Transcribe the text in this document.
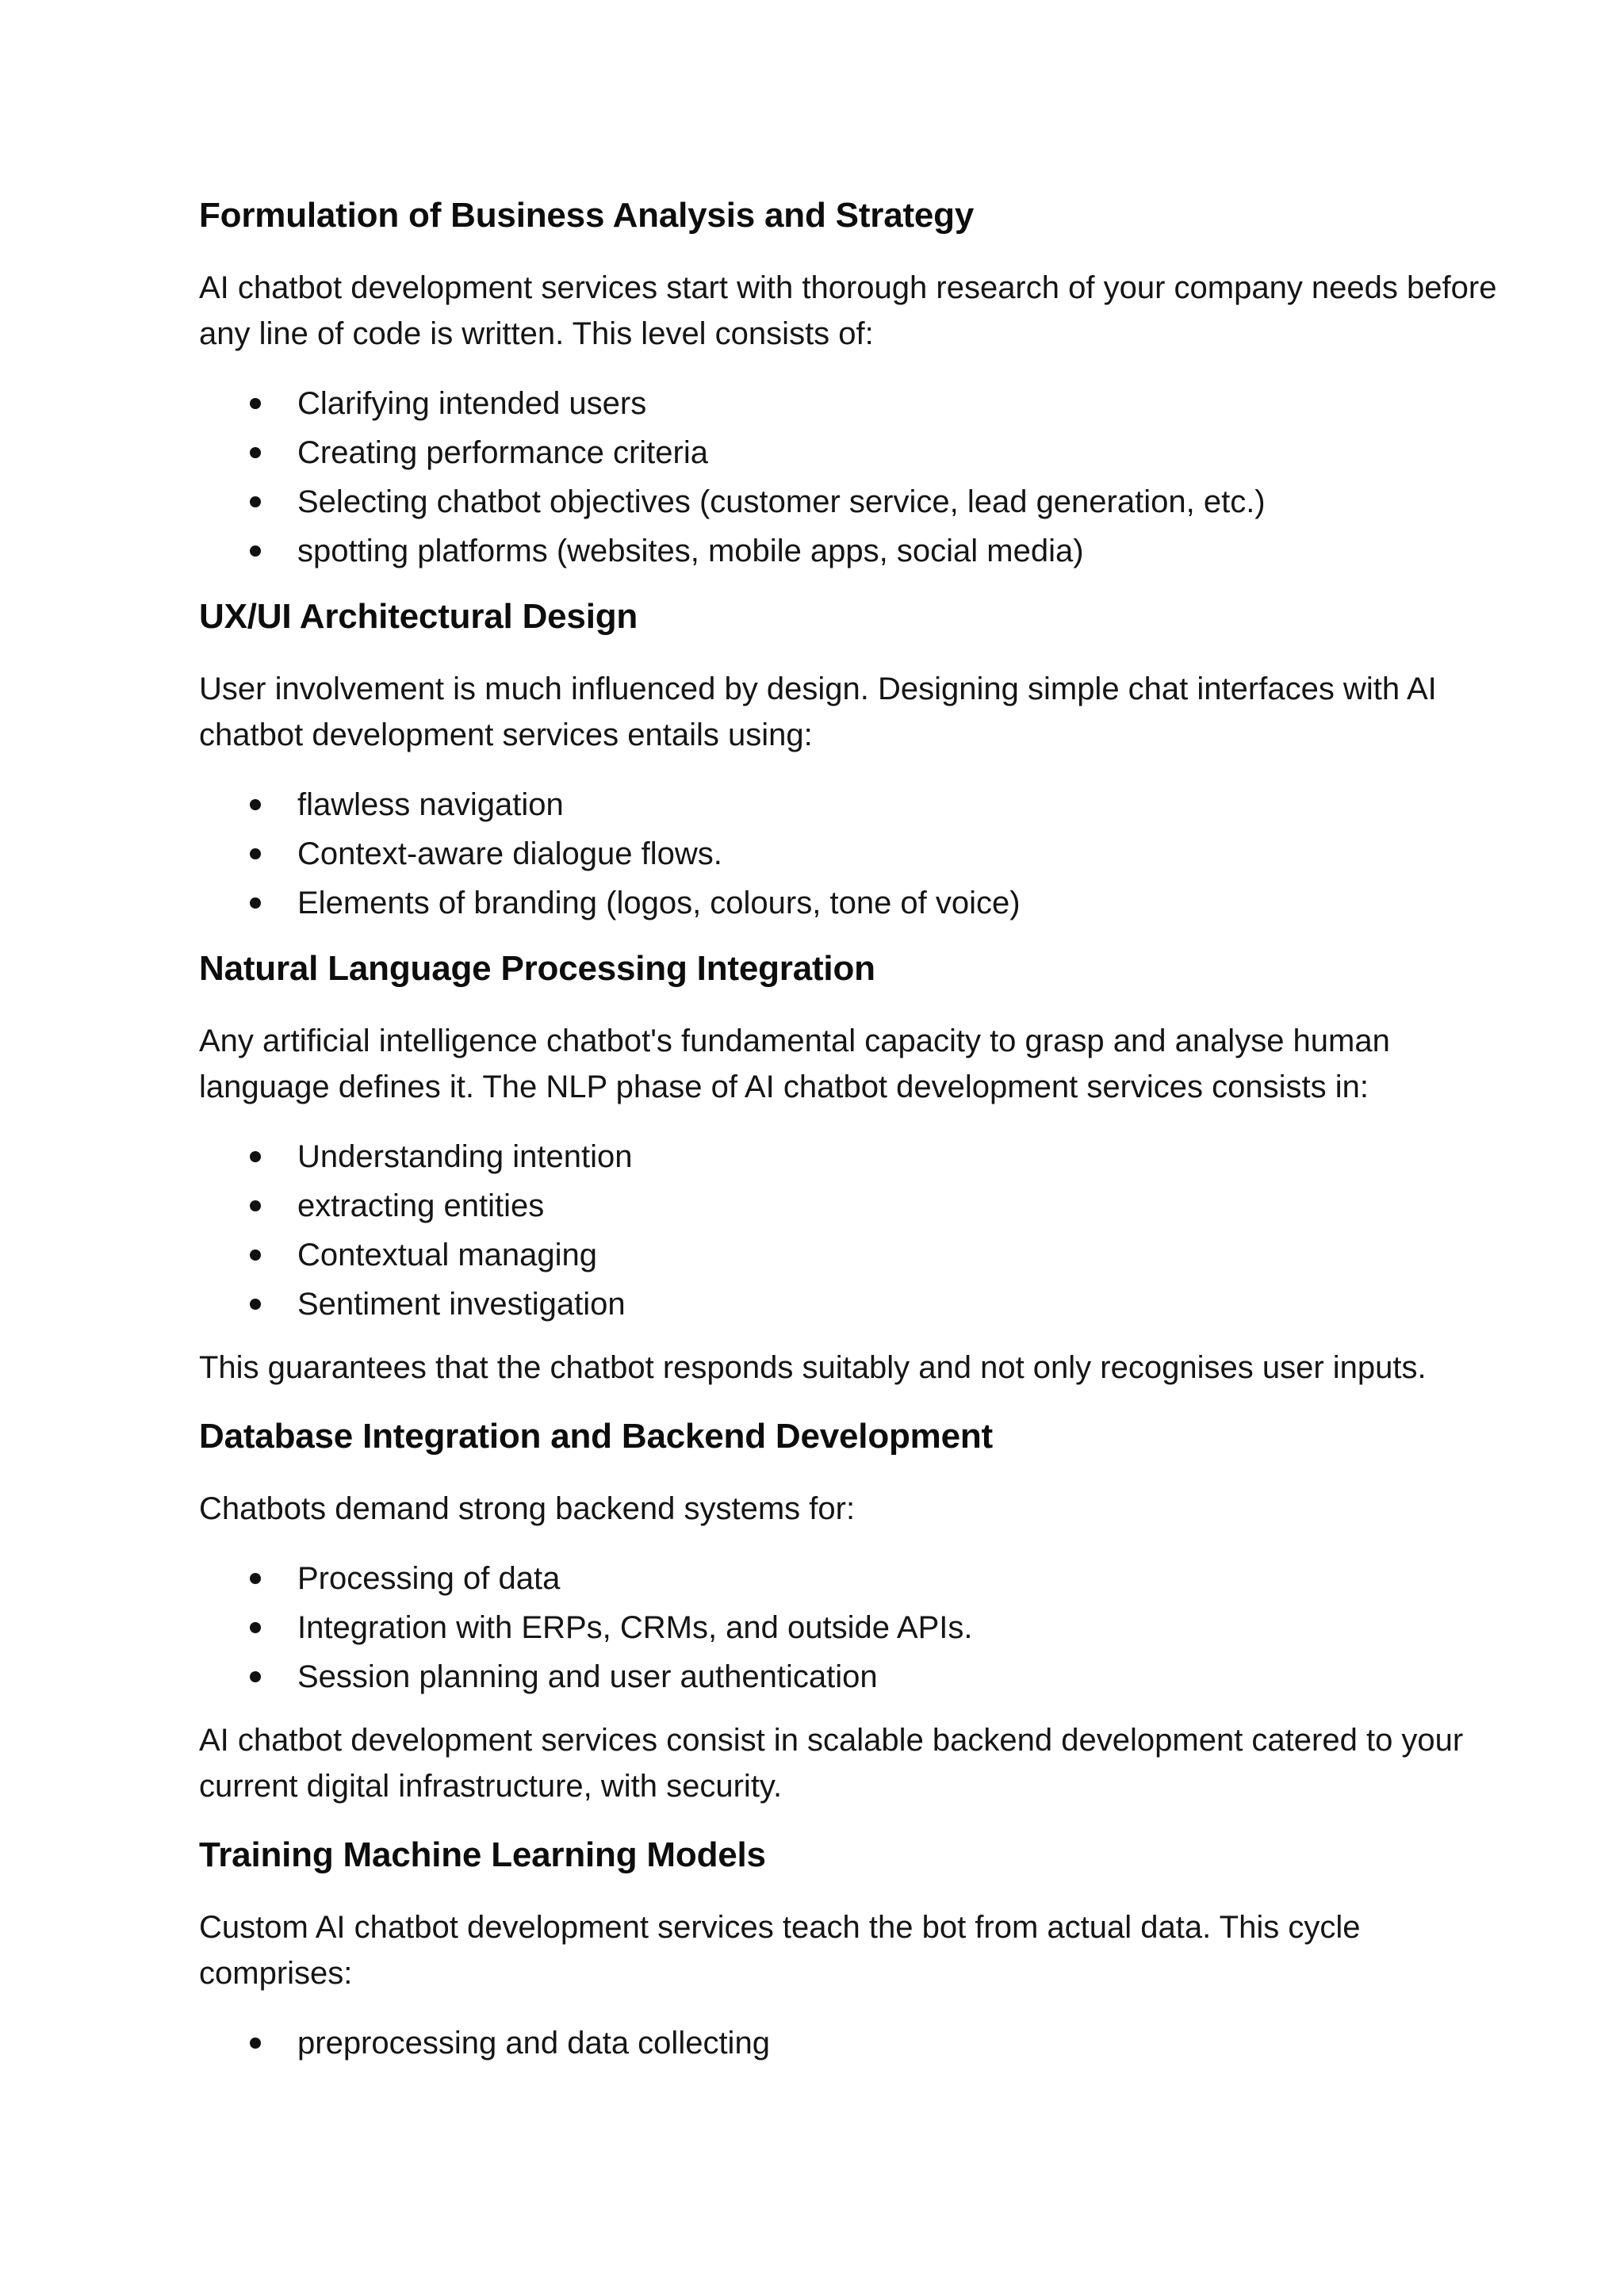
Formulation of Business Analysis and Strategy

AI chatbot development services start with thorough research of your company needs before any line of code is written. This level consists of:

Clarifying intended users
Creating performance criteria
Selecting chatbot objectives (customer service, lead generation, etc.)
spotting platforms (websites, mobile apps, social media)
UX/UI Architectural Design

User involvement is much influenced by design. Designing simple chat interfaces with AI chatbot development services entails using:

flawless navigation
Context-aware dialogue flows.
Elements of branding (logos, colours, tone of voice)
Natural Language Processing Integration

Any artificial intelligence chatbot's fundamental capacity to grasp and analyse human language defines it. The NLP phase of AI chatbot development services consists in:

Understanding intention
extracting entities
Contextual managing
Sentiment investigation

This guarantees that the chatbot responds suitably and not only recognises user inputs.

Database Integration and Backend Development

Chatbots demand strong backend systems for:

Processing of data
Integration with ERPs, CRMs, and outside APIs.
Session planning and user authentication

AI chatbot development services consist in scalable backend development catered to your current digital infrastructure, with security.

Training Machine Learning Models

Custom AI chatbot development services teach the bot from actual data. This cycle comprises:

preprocessing and data collecting
